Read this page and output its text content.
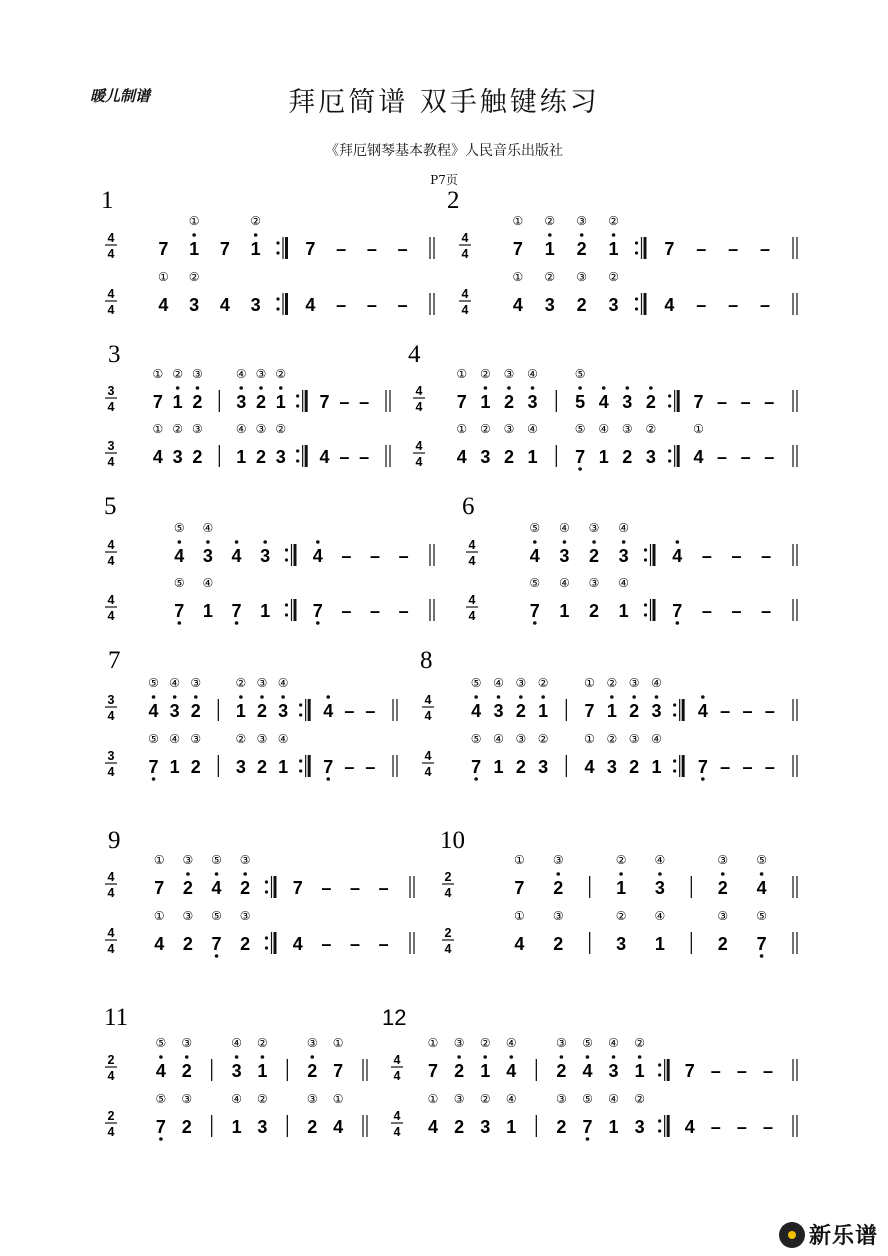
暖儿制谱	拜厄简谱 双手触键练习
《拜厄钢琴基本教程》人民音乐出版社
P7页
1
4
4 7 1
①
7 1
②
7 – – –
4
4 4
①
3
②
4 3 4 – – –
2
4
4 7
①
1
②
2
③
1
②
7 – – –
4
4 4
①
3
②
2
③
3
②
4 – – –
3
3
4 7
①
1
②
2
③
3
④
2
③
1
②
7 – –
3
4 4
①
3
②
2
③
1
④
2
③
3
②
4 – –
4
4
4 7
①
1
②
2
③
3
④
5
⑤
4 3 2 7 – – –
4
4 4
①
3
②
2
③
1
④
7
⑤
1
④
2
③
3
②
4
①
– – –
5
4
4	4
⑤
3
④
4 3 4 – – –
4
4	7
⑤
1
④
7 1 7 – – –
6
4
4	4
⑤
3
④
2
③
3
④
4 – – –
4
4	7
⑤
1
④
2
③
1
④
7 – – –
7
3
4 4
⑤
3
④
2
③
1
②
2
③
3
④
4 – –
3
4 7
⑤
1
④
2
③
3
②
2
③
1
④
7 – –
8
4
4 4
⑤
3
④
2
③
1
②
7
①
1
②
2
③
3
④
4 – – –
4
4 7
⑤
1
④
2
③
3
②
4
①
3
②
2
③
1
④
7 – – –
9
4
4 7
①
2
③
4
⑤
2
③
7 – – –
4
4 4
①
2
③
7
⑤
2
③
4 – – –
10
2
4	7
①
2
③
1
②
3
④
2
③
4
⑤
2
4	4
①
2
③
3
②
1
④
2
③
7
⑤
11
2
4 4
⑤
2
③
3
④
1
②
2
③
7
①
2
4 7
⑤
2
③
1
④
3
②
2
③
4
①
12
4
4 7
①
2
③
1
②
4
④
2
③
4
⑤
3
④
1
②
7 – – –
4
4 4
①
2
③
3
②
1
④
2
③
7
⑤
1
④
3
②
4 – – –
新乐谱
